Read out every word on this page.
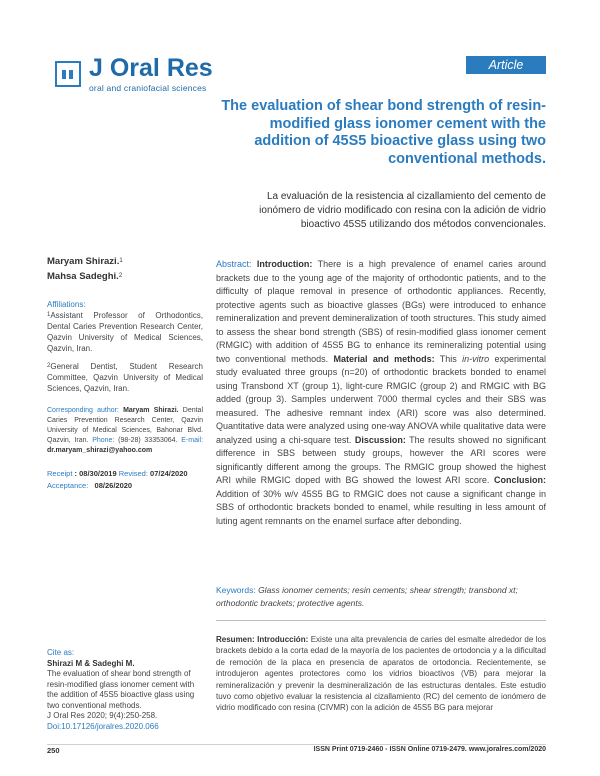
J Oral Res
oral and craniofacial sciences
Article
The evaluation of shear bond strength of resin-modified glass ionomer cement with the addition of 45S5 bioactive glass using two conventional methods.
La evaluación de la resistencia al cizallamiento del cemento de ionómero de vidrio modificado con resina con la adición de vidrio bioactivo 45S5 utilizando dos métodos convencionales.
Maryam Shirazi.$^1$
Mahsa Sadeghi.$^2$
Affiliations:
$^1$Assistant Professor of Orthodontics, Dental Caries Prevention Research Center, Qazvin University of Medical Sciences, Qazvin, Iran.
$^2$General Dentist, Student Research Committee, Qazvin University of Medical Sciences, Qazvin, Iran.
Corresponding author: Maryam Shirazi. Dental Caries Prevention Research Center, Qazvin University of Medical Sciences, Bahonar Blvd. Qazvin, Iran. Phone: (98-28) 33353064. E-mail: dr.maryam_shirazi@yahoo.com
Receipt : 08/30/2019 Revised: 07/24/2020
Acceptance: 08/26/2020
Cite as:
Shirazi M & Sadeghi M.
The evaluation of shear bond strength of resin-modified glass ionomer cement with the addition of 45S5 bioactive glass using two conventional methods.
J Oral Res 2020; 9(4):250-258.
Doi:10.17126/joralres.2020.066
Abstract: Introduction: There is a high prevalence of enamel caries around brackets due to the young age of the majority of orthodontic patients, and to the difficulty of plaque removal in presence of orthodontic appliances. Recently, protective agents such as bioactive glasses (BGs) were introduced to enhance remineralization and prevent demineralization of tooth structures. This study aimed to assess the shear bond strength (SBS) of resin-modified glass ionomer cement (RMGIC) with addition of 45S5 BG to enhance its remineralizing potential using two conventional methods. Material and methods: This in-vitro experimental study evaluated three groups (n=20) of orthodontic brackets bonded to enamel using Transbond XT (group 1), light-cure RMGIC (group 2) and RMGIC with BG added (group 3). Samples underwent 7000 thermal cycles and their SBS was measured. The adhesive remnant index (ARI) score was also determined. Quantitative data were analyzed using one-way ANOVA while qualitative data were analyzed using a chi-square test. Discussion: The results showed no significant difference in SBS between study groups, however the ARI scores were significantly different among the groups. The RMGIC group showed the highest ARI while RMGIC doped with BG showed the lowest ARI score. Conclusion: Addition of 30% w/v 45S5 BG to RMGIC does not cause a significant change in SBS of orthodontic brackets bonded to enamel, while resulting in less amount of luting agent remnants on the enamel surface after debonding.
Keywords: Glass ionomer cements; resin cements; shear strength; transbond xt; orthodontic brackets; protective agents.
Resumen: Introducción: Existe una alta prevalencia de caries del esmalte alrededor de los brackets debido a la corta edad de la mayoría de los pacientes de ortodoncia y a la dificultad de remoción de la placa en presencia de aparatos de ortodoncia. Recientemente, se introdujeron agentes protectores como los vidrios bioactivos (VB) para mejorar la remineralización y prevenir la desmineralización de las estructuras dentales. Este estudio tuvo como objetivo evaluar la resistencia al cizallamiento (RC) del cemento de ionómero de vidrio modificado con resina (CIVMR) con la adición de 45S5 BG para mejorar
250	ISSN Print 0719-2460 - ISSN Online 0719-2479. www.joralres.com/2020
